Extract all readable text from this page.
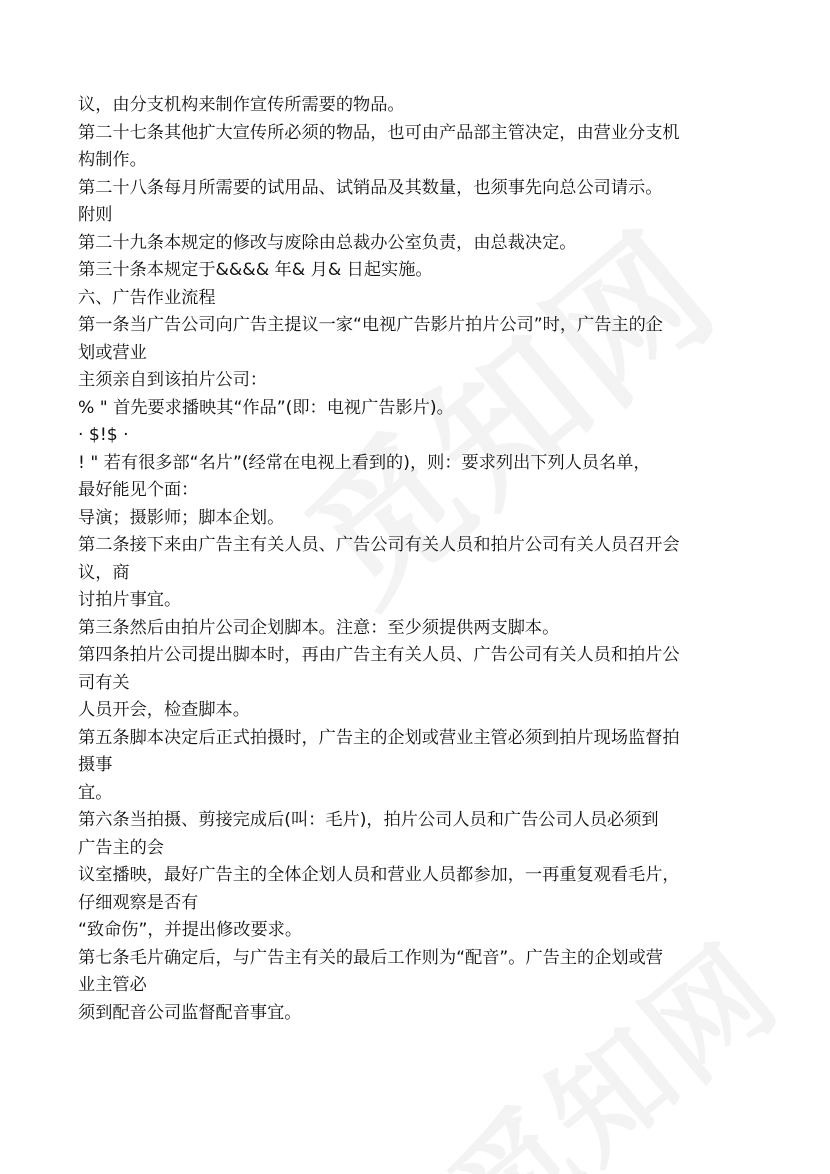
议，由分支机构来制作宣传所需要的物品。
第二十七条其他扩大宣传所必须的物品，也可由产品部主管决定，由营业分支机
构制作。
第二十八条每月所需要的试用品、试销品及其数量，也须事先向总公司请示。
附则
第二十九条本规定的修改与废除由总裁办公室负责，由总裁决定。
第三十条本规定于&&&& 年& 月& 日起实施。
六、广告作业流程
第一条当广告公司向广告主提议一家“电视广告影片拍片公司”时，广告主的企
划或营业
主须亲自到该拍片公司：
% " 首先要求播映其“作品”(即：电视广告影片)。
· $!$ ·
! " 若有很多部“名片”(经常在电视上看到的)，则：要求列出下列人员名单，
最好能见个面：
导演；摄影师；脚本企划。
第二条接下来由广告主有关人员、广告公司有关人员和拍片公司有关人员召开会
议，商
讨拍片事宜。
第三条然后由拍片公司企划脚本。注意：至少须提供两支脚本。
第四条拍片公司提出脚本时，再由广告主有关人员、广告公司有关人员和拍片公
司有关
人员开会，检查脚本。
第五条脚本决定后正式拍摄时，广告主的企划或营业主管必须到拍片现场监督拍
摄事
宜。
第六条当拍摄、剪接完成后(叫：毛片)，拍片公司人员和广告公司人员必须到
广告主的会
议室播映，最好广告主的全体企划人员和营业人员都参加，一再重复观看毛片，
仔细观察是否有
“致命伤”，并提出修改要求。
第七条毛片确定后，与广告主有关的最后工作则为“配音”。广告主的企划或营
业主管必
须到配音公司监督配音事宜。
